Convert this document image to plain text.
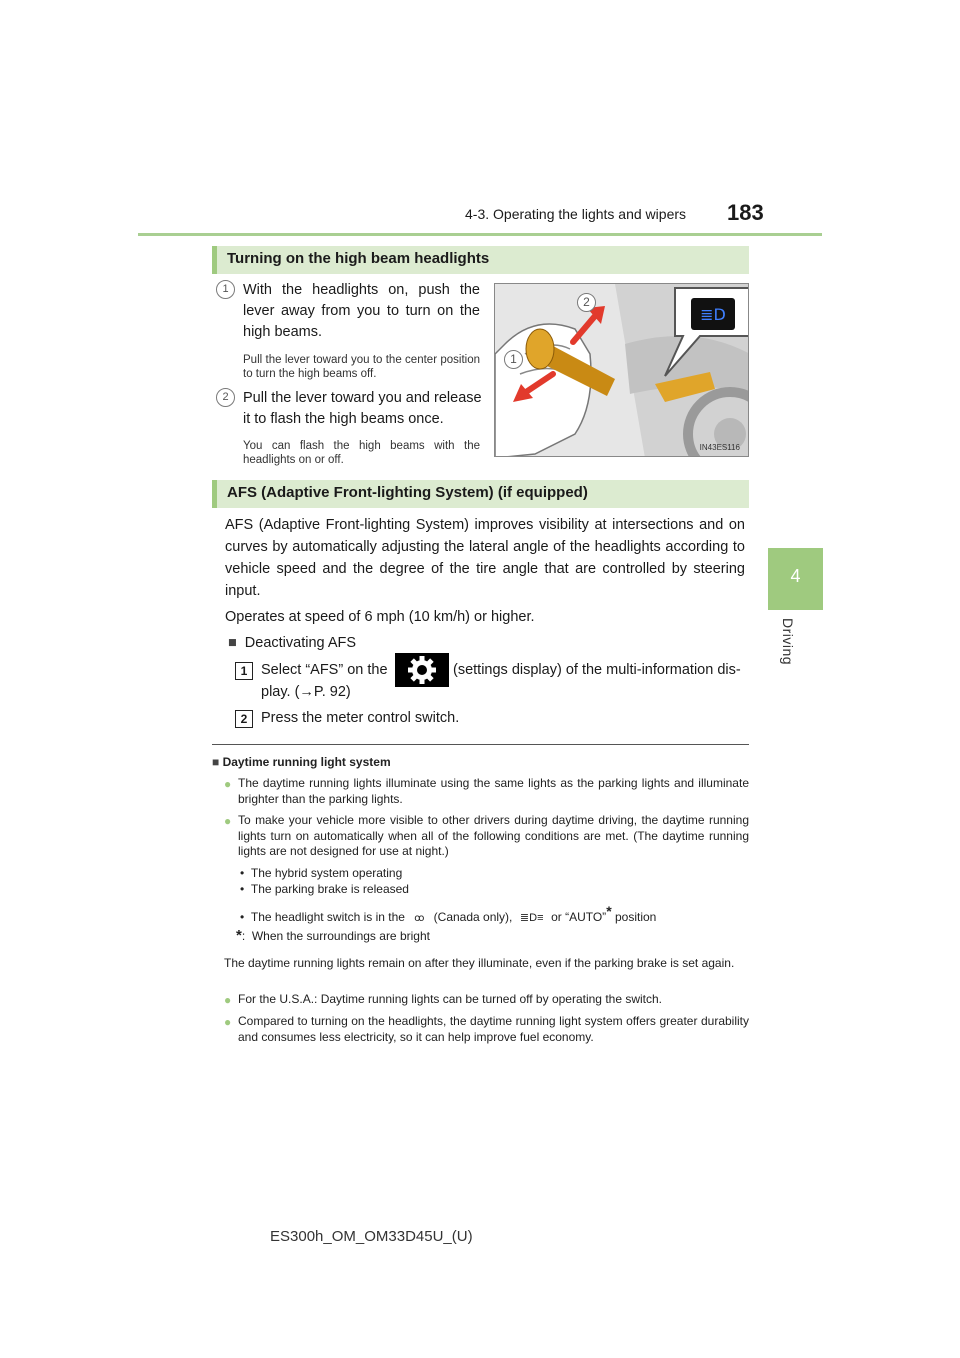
4-3. Operating the lights and wipers 183
4
Driving
Turning on the high beam headlights
1 With the headlights on, push the lever away from you to turn on the high beams.
Pull the lever toward you to the center position to turn the high beams off.
2 Pull the lever toward you and release it to flash the high beams once.
You can flash the high beams with the headlights on or off.
≣D
2
1
IN43ES116
AFS (Adaptive Front-lighting System) (if equipped)
AFS (Adaptive Front-lighting System) improves visibility at intersections and on curves by automatically adjusting the lateral angle of the headlights according to vehicle speed and the degree of the tire angle that are controlled by steering input.
Operates at speed of 6 mph (10 km/h) or higher.
■ Deactivating AFS
1 Select “AFS” on the	(settings display) of the multi-information dis-
play. (→P. 92)
2 Press the meter control switch.
■ Daytime running light system
● The daytime running lights illuminate using the same lights as the parking lights and illuminate brighter than the parking lights.
● To make your vehicle more visible to other drivers during daytime driving, the daytime running lights turn on automatically when all of the following conditions are met. (The daytime running lights are not designed for use at night.)
•  The hybrid system operating
•  The parking brake is released
•  The headlight switch is in the ꝏ (Canada only), ≣D≡ or “AUTO”* position
*:  When the surroundings are bright
The daytime running lights remain on after they illuminate, even if the parking brake is set again.
● For the U.S.A.: Daytime running lights can be turned off by operating the switch.
● Compared to turning on the headlights, the daytime running light system offers greater durability and consumes less electricity, so it can help improve fuel economy.
ES300h_OM_OM33D45U_(U)
